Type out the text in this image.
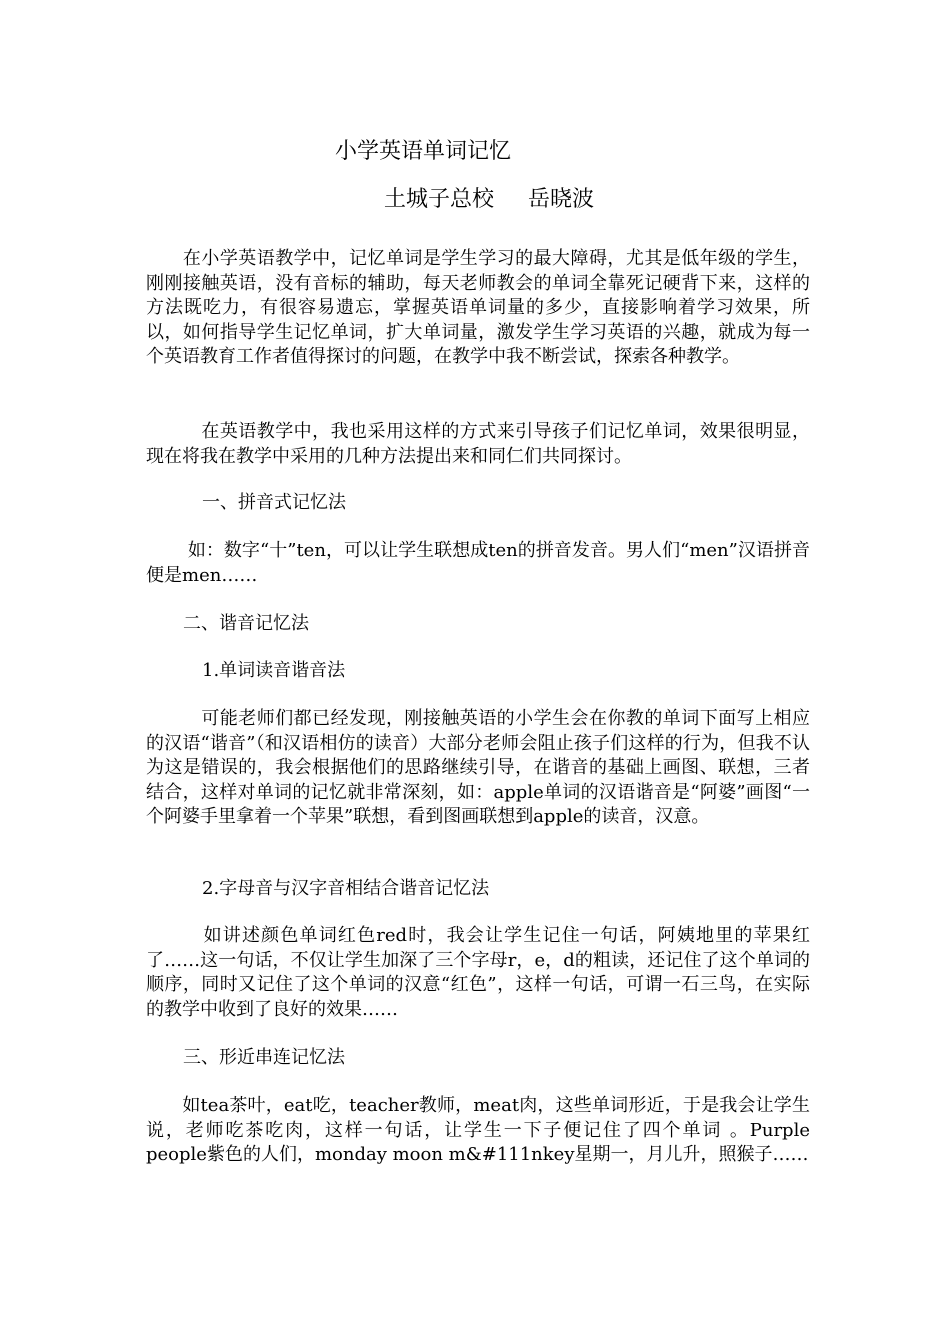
小学英语单词记忆
土城子总校 岳晓波

　　在小学英语教学中，记忆单词是学生学习的最大障碍，尤其是低年级的学生，刚刚接触英语，没有音标的辅助，每天老师教会的单词全靠死记硬背下来，这样的方法既吃力，有很容易遗忘，掌握英语单词量的多少，直接影响着学习效果，所以，如何指导学生记忆单词，扩大单词量，激发学生学习英语的兴趣，就成为每一个英语教育工作者值得探讨的问题，在教学中我不断尝试，探索各种教学。

　　　在英语教学中，我也采用这样的方式来引导孩子们记忆单词，效果很明显，现在将我在教学中采用的几种方法提出来和同仁们共同探讨。

一、拼音式记忆法

　　 如：数字“十”ten，可以让学生联想成ten的拼音发音。男人们“men”汉语拼音便是men……

二、谐音记忆法
1.单词读音谐音法

　　　可能老师们都已经发现，刚接触英语的小学生会在你教的单词下面写上相应的汉语“谐音”（和汉语相仿的读音）大部分老师会阻止孩子们这样的行为，但我不认为这是错误的，我会根据他们的思路继续引导，在谐音的基础上画图、联想，三者结合，这样对单词的记忆就非常深刻，如：apple单词的汉语谐音是“阿婆”画图“一个阿婆手里拿着一个苹果”联想，看到图画联想到apple的读音，汉意。

2.字母音与汉字音相结合谐音记忆法

　　　如讲述颜色单词红色red时，我会让学生记住一句话，阿姨地里的苹果红了……这一句话，不仅让学生加深了三个字母r，e，d的粗读，还记住了这个单词的顺序，同时又记住了这个单词的汉意“红色”，这样一句话，可谓一石三鸟，在实际的教学中收到了良好的效果……

三、形近串连记忆法

　　如tea茶叶，eat吃，teacher教师，meat肉，这些单词形近，于是我会让学生说，老师吃茶吃肉，这样一句话，让学生一下子便记住了四个单词 。Purple people紫色的人们，monday moon m&#111nkey星期一，月儿升，照猴子……
